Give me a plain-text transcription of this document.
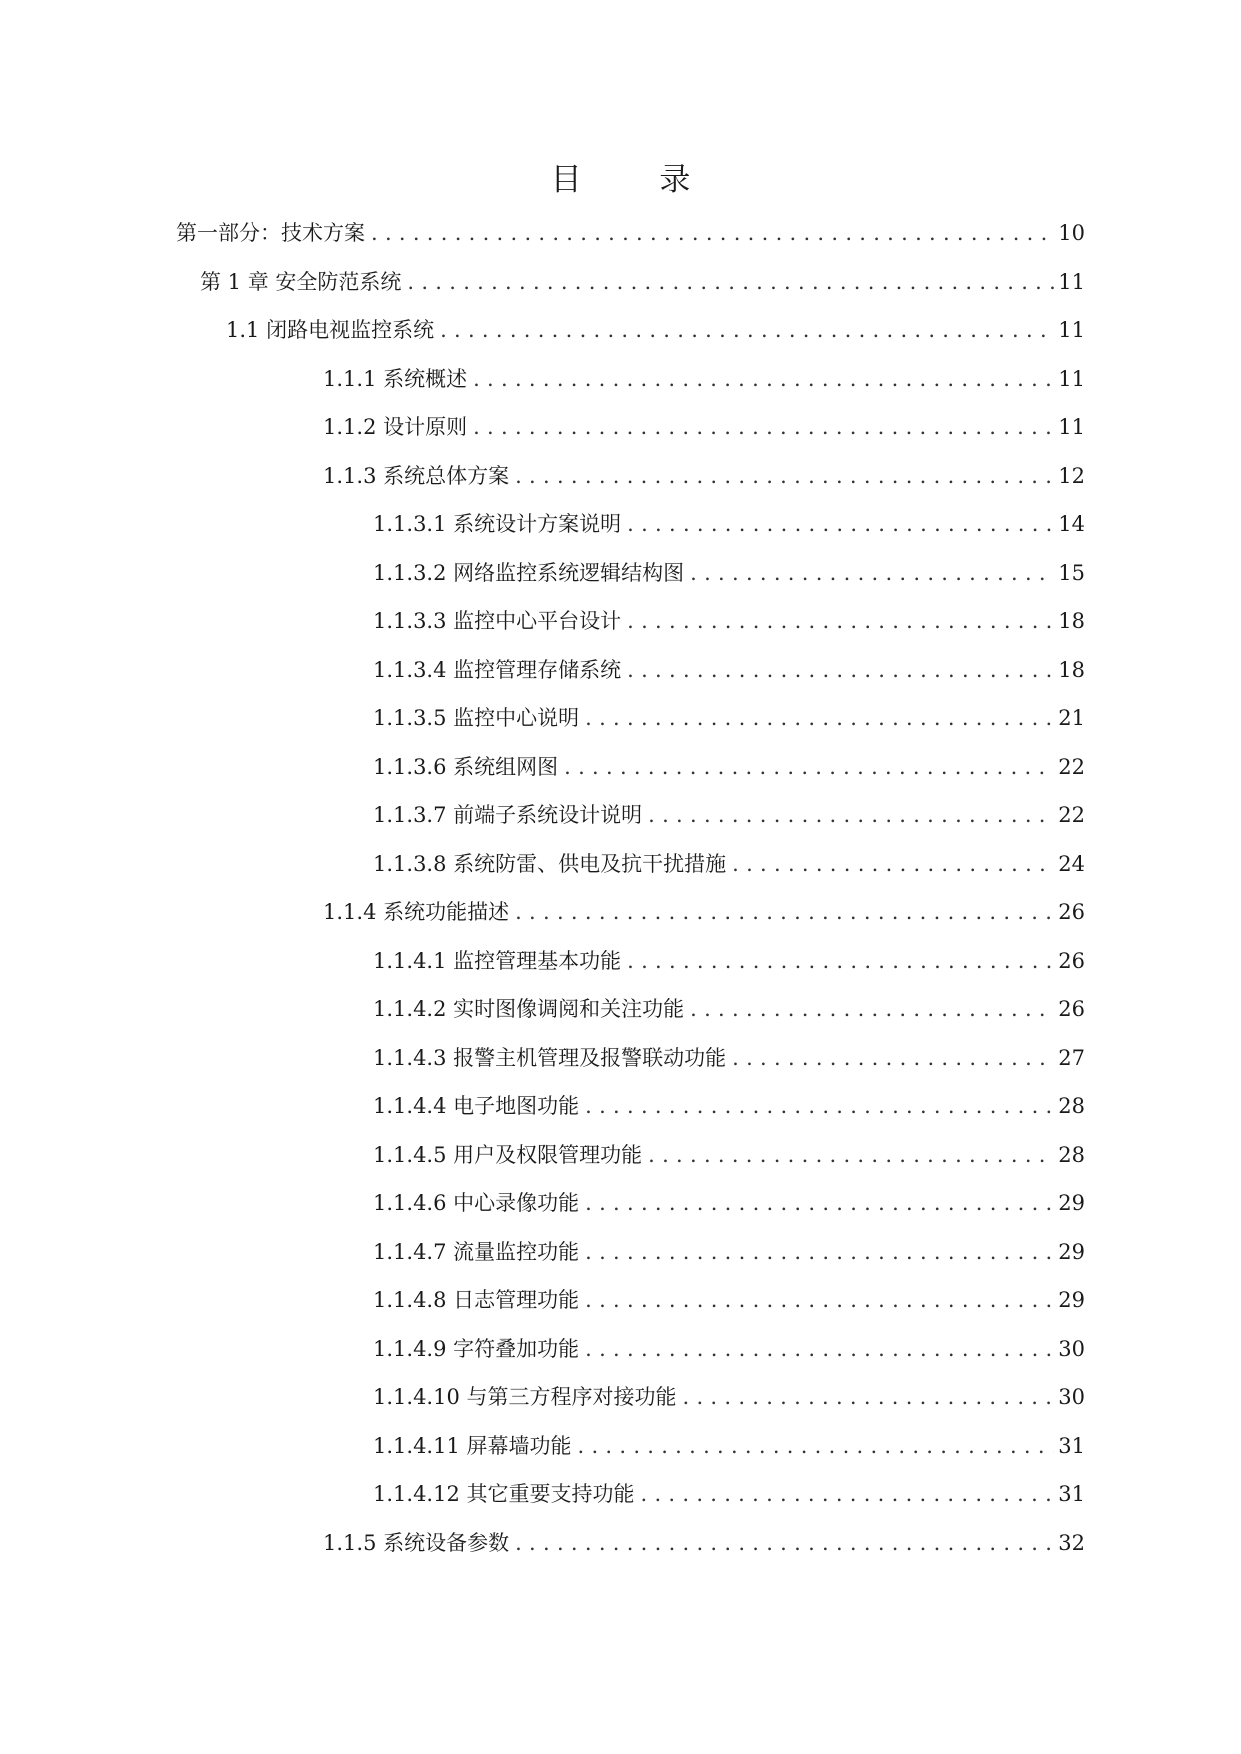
目 录
第一部分：技术方案 . . .	10
第 1 章 安全防范系统 . . .	11
1.1 闭路电视监控系统 . . .	11
1.1.1 系统概述 . . .	11
1.1.2 设计原则 . . .	11
1.1.3 系统总体方案 . . .	12
1.1.3.1 系统设计方案说明 . . .	14
1.1.3.2 网络监控系统逻辑结构图 . . .	15
1.1.3.3 监控中心平台设计 . . .	18
1.1.3.4 监控管理存储系统 . . .	18
1.1.3.5 监控中心说明 . . .	21
1.1.3.6 系统组网图 . . .	22
1.1.3.7 前端子系统设计说明 . . .	22
1.1.3.8 系统防雷、供电及抗干扰措施 . . .	24
1.1.4 系统功能描述 . . .	26
1.1.4.1 监控管理基本功能 . . .	26
1.1.4.2 实时图像调阅和关注功能 . . .	26
1.1.4.3 报警主机管理及报警联动功能 . . .	27
1.1.4.4 电子地图功能 . . .	28
1.1.4.5 用户及权限管理功能 . . .	28
1.1.4.6 中心录像功能 . . .	29
1.1.4.7 流量监控功能 . . .	29
1.1.4.8 日志管理功能 . . .	29
1.1.4.9 字符叠加功能 . . .	30
1.1.4.10 与第三方程序对接功能 . . .	30
1.1.4.11 屏幕墙功能 . . .	31
1.1.4.12 其它重要支持功能 . . .	31
1.1.5 系统设备参数 . . .	32
